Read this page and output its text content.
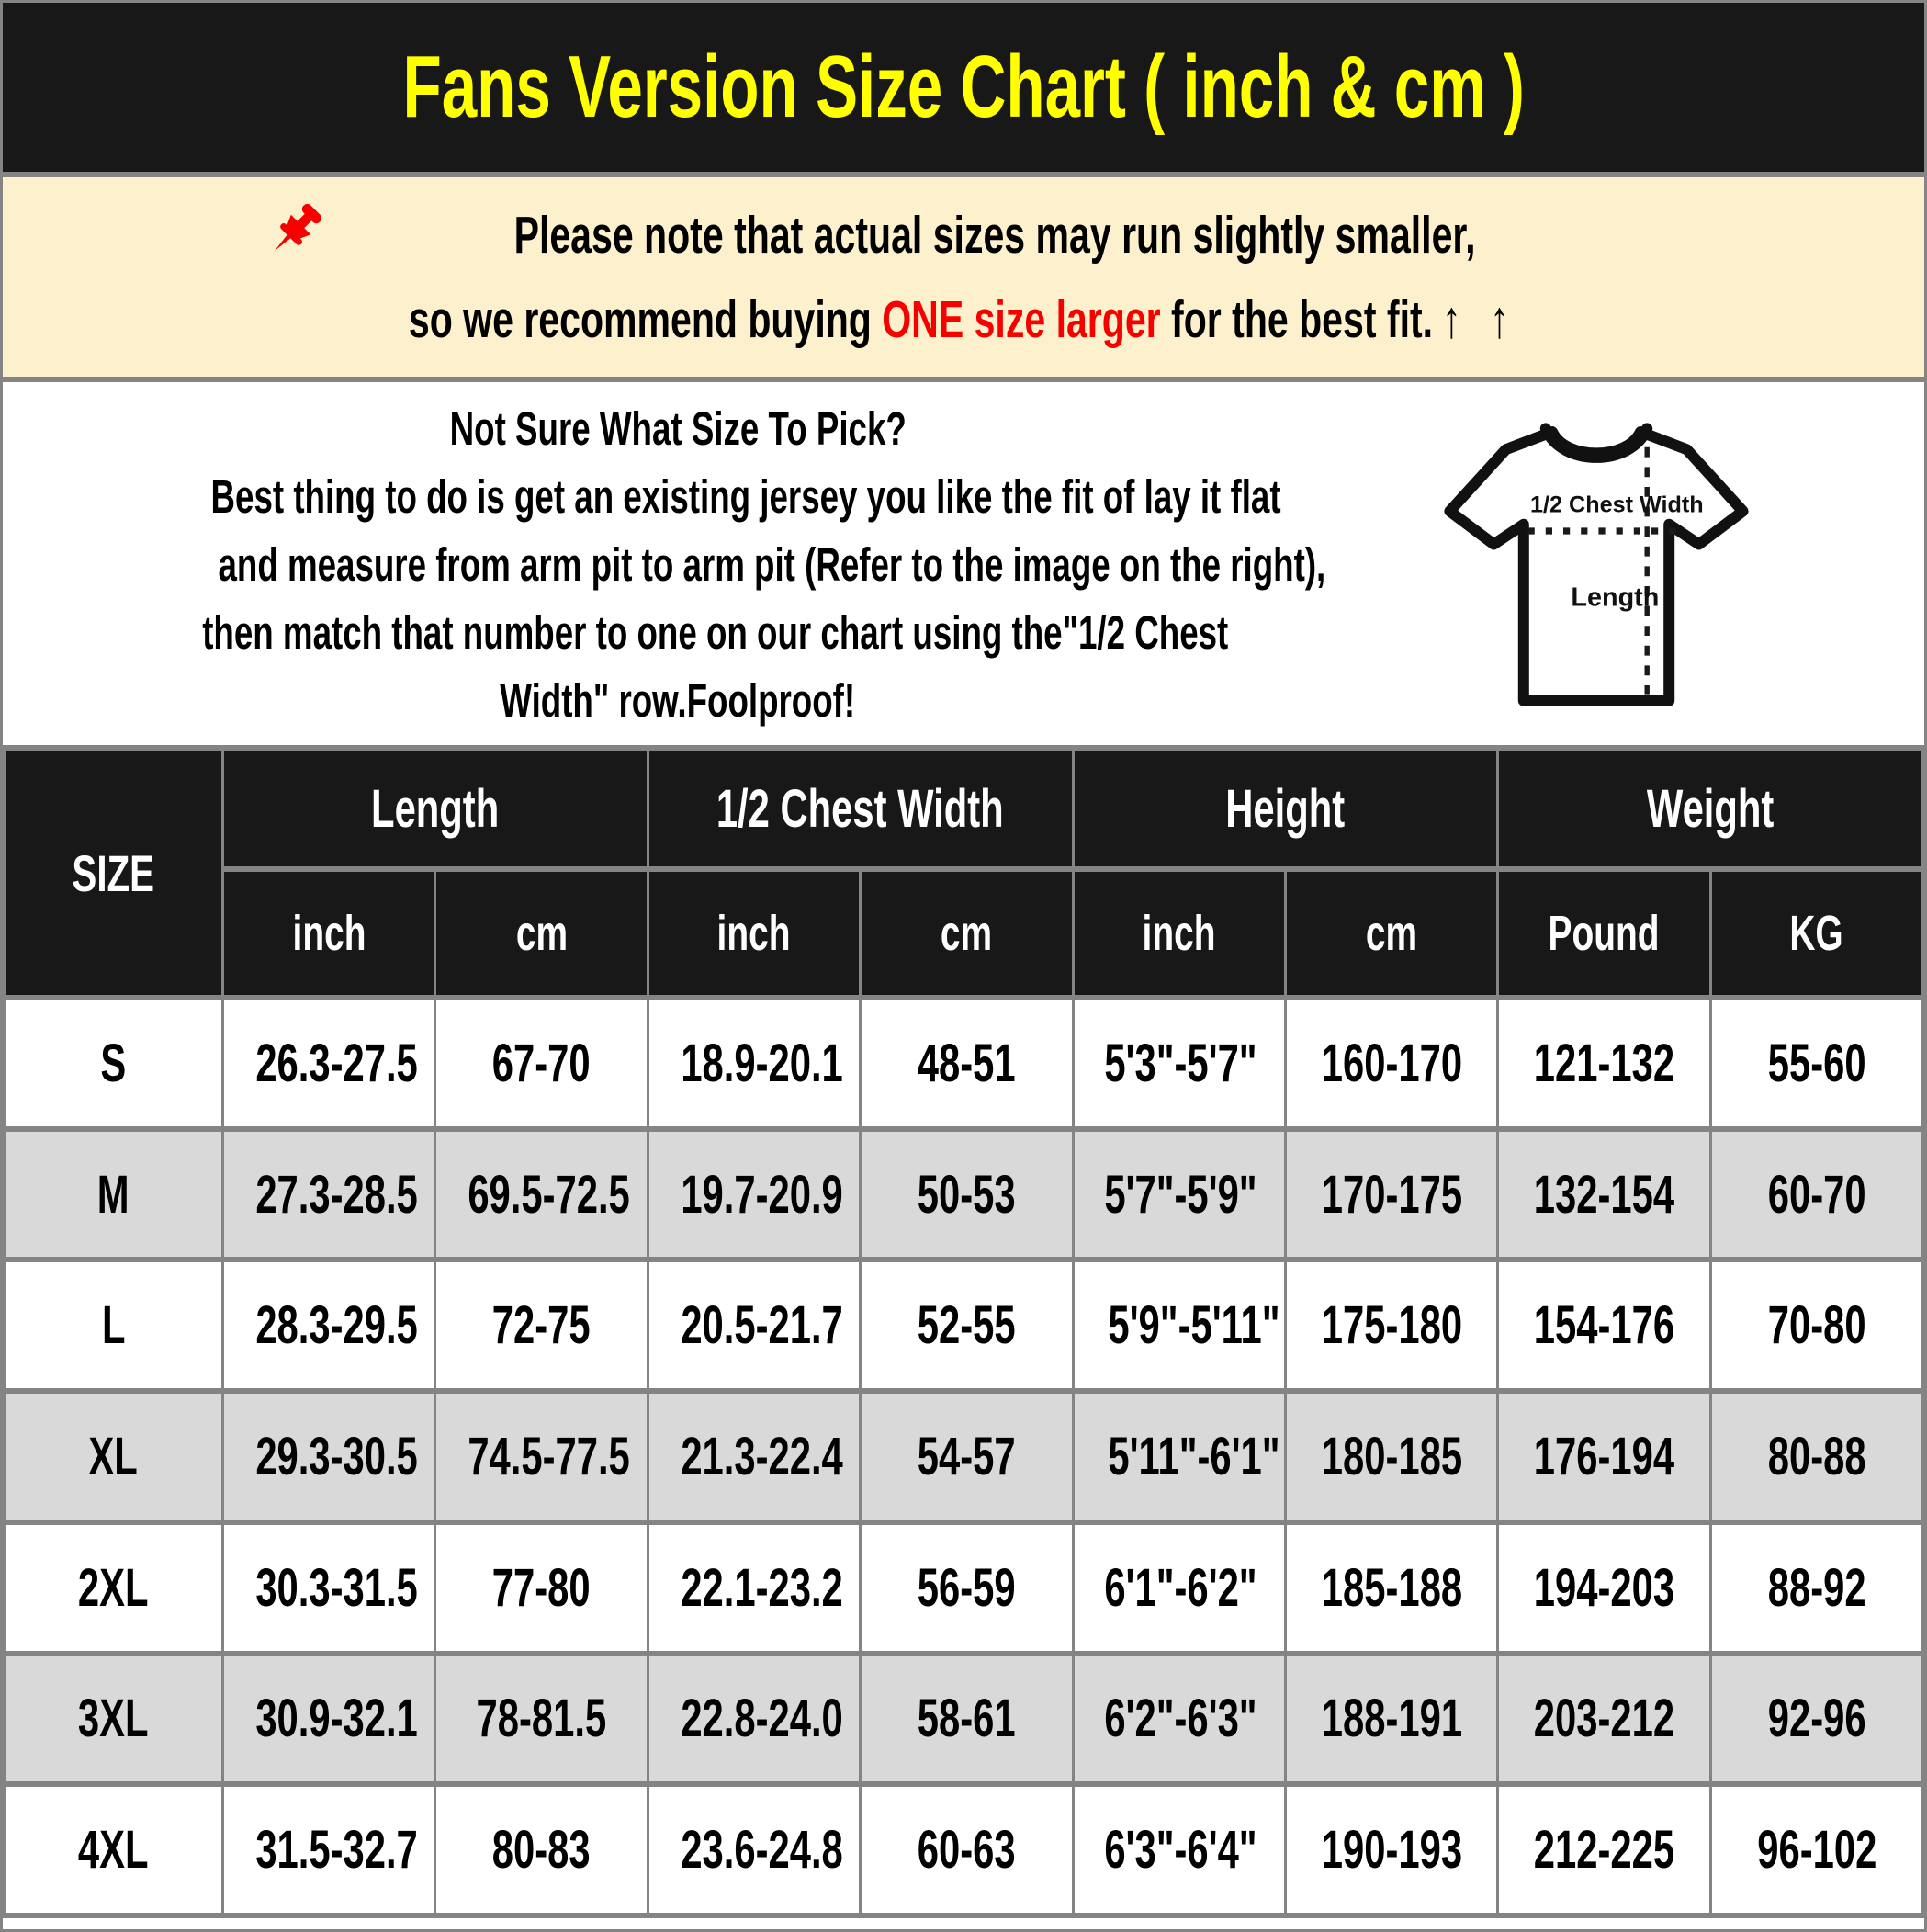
Fans Version Size Chart ( inch & cm )
Please note that actual sizes may run slightly smaller,
so we recommend buying ONE size larger for the best fit. ↑ ↑
Not Sure What Size To Pick?
Best thing to do is get an existing jersey you like the fit of lay it flat
and measure from arm pit to arm pit (Refer to the image on the right),
then match that number to one on our chart using the"1/2 Chest
Width" row.Foolproof!
1/2 Chest Width
Length
SIZE	Length		1/2 Chest Width		Height		Weight	
	inch	cm	inch	cm	inch	cm	Pound	KG
S	26.3-27.5	67-70	18.9-20.1	48-51	5'3"-5'7"	160-170	121-132	55-60
M	27.3-28.5	69.5-72.5	19.7-20.9	50-53	5'7"-5'9"	170-175	132-154	60-70
L	28.3-29.5	72-75	20.5-21.7	52-55	5'9"-5'11"	175-180	154-176	70-80
XL	29.3-30.5	74.5-77.5	21.3-22.4	54-57	5'11"-6'1"	180-185	176-194	80-88
2XL	30.3-31.5	77-80	22.1-23.2	56-59	6'1"-6'2"	185-188	194-203	88-92
3XL	30.9-32.1	78-81.5	22.8-24.0	58-61	6'2"-6'3"	188-191	203-212	92-96
4XL	31.5-32.7	80-83	23.6-24.8	60-63	6'3"-6'4"	190-193	212-225	96-102
